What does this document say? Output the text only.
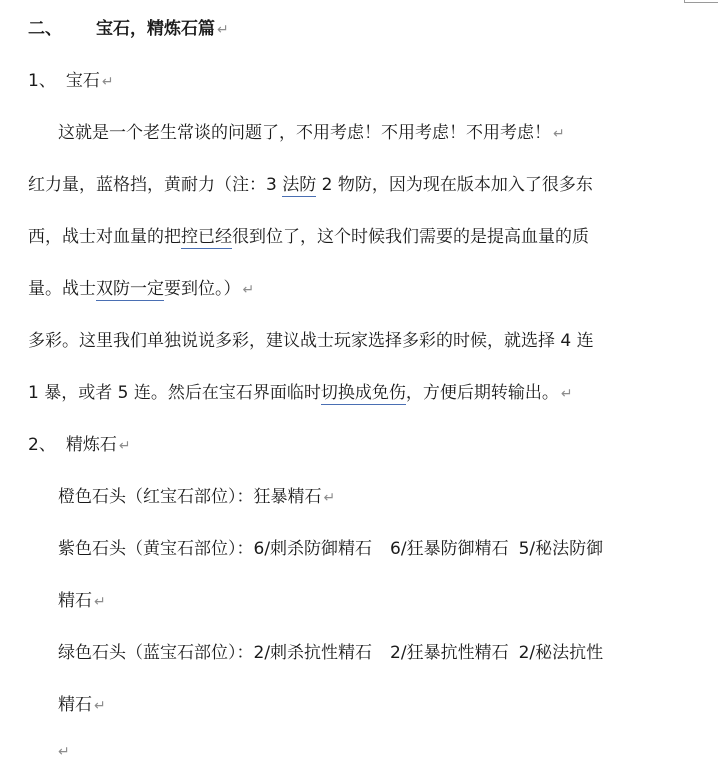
二、 宝石，精炼石篇 ↵
1、 宝石 ↵
这就是一个老生常谈的问题了，不用考虑！不用考虑！不用考虑！ ↵
红力量，蓝格挡，黄耐力（注：3 法防 2 物防，因为现在版本加入了很多东
西，战士对血量的把控已经很到位了，这个时候我们需要的是提高血量的质
量。战士双防一定要到位。） ↵
多彩。这里我们单独说说多彩，建议战士玩家选择多彩的时候，就选择 4 连
1 暴，或者 5 连。然后在宝石界面临时切换成免伤，方便后期转输出。 ↵
2、 精炼石 ↵
橙色石头（红宝石部位）：狂暴精石 ↵
紫色石头（黄宝石部位）：6/刺杀防御精石 6/狂暴防御精石 5/秘法防御
精石 ↵
绿色石头（蓝宝石部位）：2/刺杀抗性精石 2/狂暴抗性精石 2/秘法抗性
精石 ↵
↵
